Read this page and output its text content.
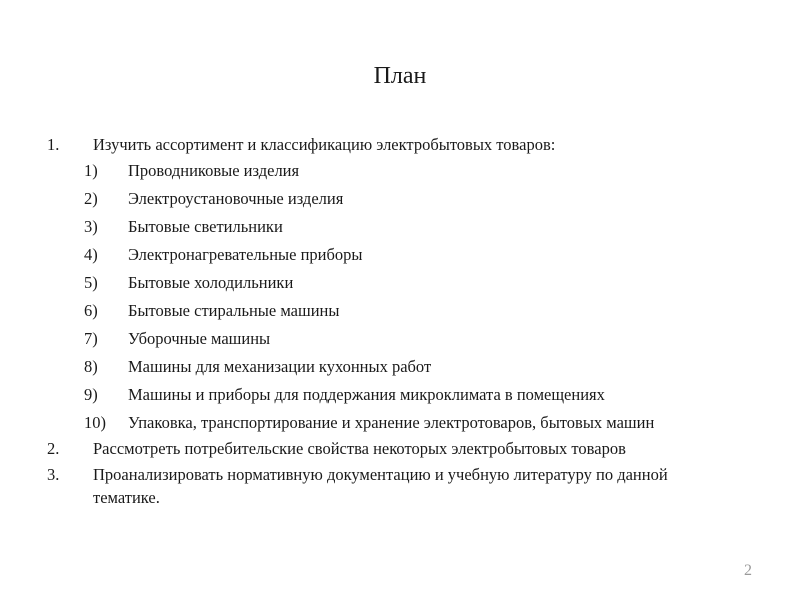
План
1. Изучить ассортимент и классификацию электробытовых товаров:
1) Проводниковые изделия
2) Электроустановочные изделия
3) Бытовые светильники
4) Электронагревательные приборы
5) Бытовые холодильники
6) Бытовые стиральные машины
7) Уборочные машины
8) Машины для механизации кухонных работ
9) Машины и приборы для поддержания микроклимата в помещениях
10) Упаковка, транспортирование и хранение электротоваров, бытовых машин
2. Рассмотреть потребительские свойства некоторых электробытовых товаров
3. Проанализировать нормативную документацию и учебную литературу по данной тематике.
2
